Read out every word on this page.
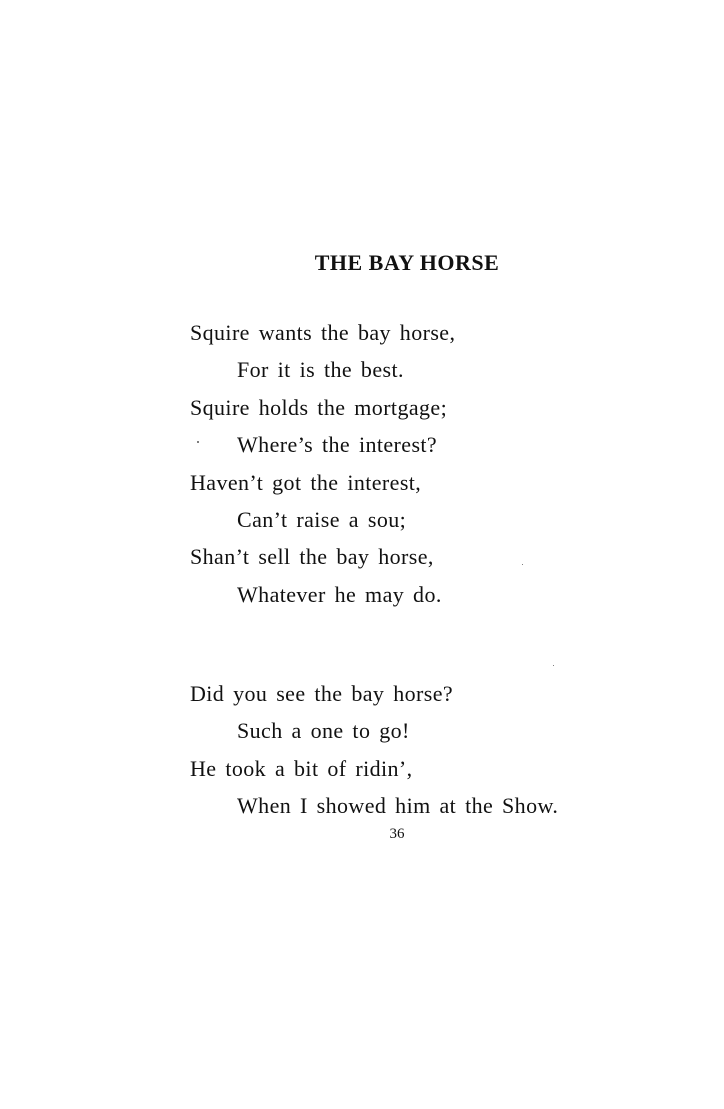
THE BAY HORSE
Squire wants the bay horse,
For it is the best.
Squire holds the mortgage;
Where’s the interest?
Haven’t got the interest,
Can’t raise a sou;
Shan’t sell the bay horse,
Whatever he may do.
Did you see the bay horse?
Such a one to go!
He took a bit of ridin’,
When I showed him at the Show.
36
